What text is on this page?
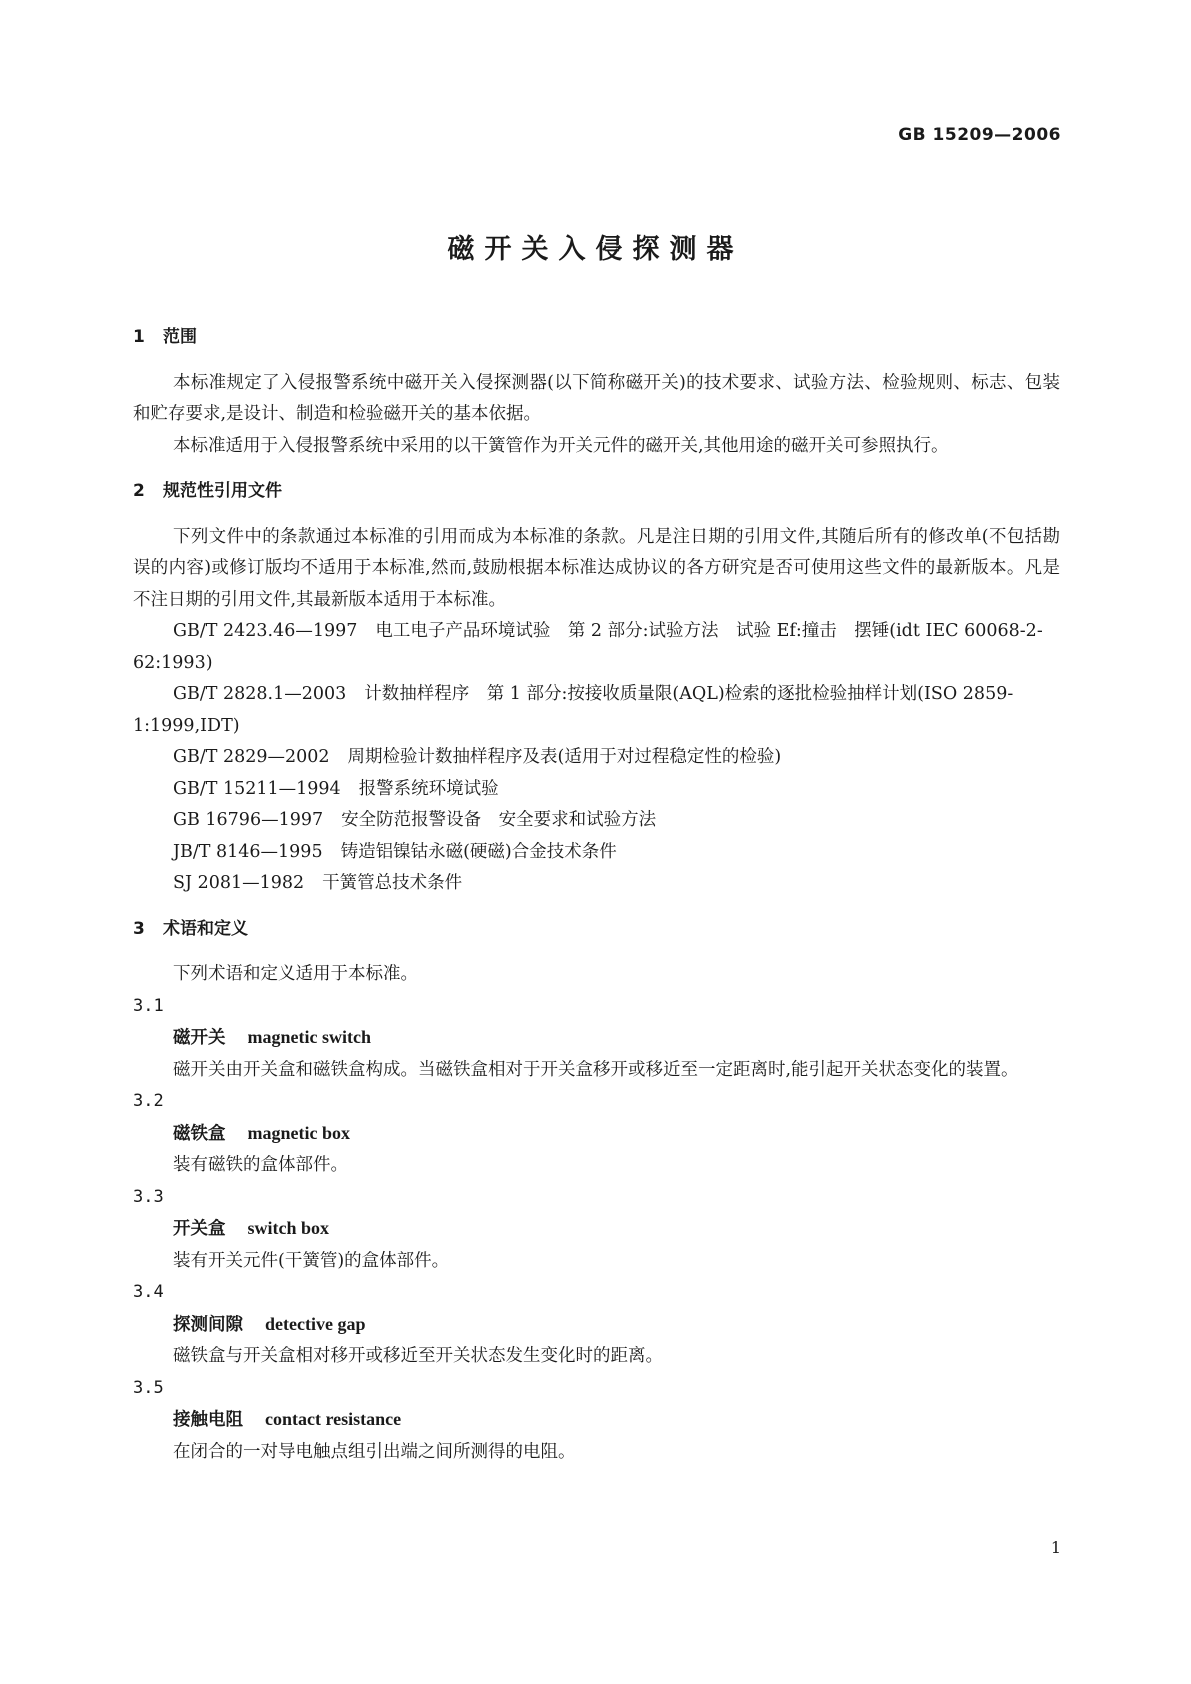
GB 15209—2006
磁开关入侵探测器
1 范围

本标准规定了入侵报警系统中磁开关入侵探测器(以下简称磁开关)的技术要求、试验方法、检验规则、标志、包装和贮存要求,是设计、制造和检验磁开关的基本依据。

本标准适用于入侵报警系统中采用的以干簧管作为开关元件的磁开关,其他用途的磁开关可参照执行。

2 规范性引用文件

下列文件中的条款通过本标准的引用而成为本标准的条款。凡是注日期的引用文件,其随后所有的修改单(不包括勘误的内容)或修订版均不适用于本标准,然而,鼓励根据本标准达成协议的各方研究是否可使用这些文件的最新版本。凡是不注日期的引用文件,其最新版本适用于本标准。

GB/T 2423.46—1997 电工电子产品环境试验　第 2 部分:试验方法　试验 Ef:撞击　摆锤(idt IEC 60068-2-62:1993)

GB/T 2828.1—2003 计数抽样程序　第 1 部分:按接收质量限(AQL)检索的逐批检验抽样计划(ISO 2859-1:1999,IDT)

GB/T 2829—2002 周期检验计数抽样程序及表(适用于对过程稳定性的检验)

GB/T 15211—1994 报警系统环境试验

GB 16796—1997 安全防范报警设备　安全要求和试验方法

JB/T 8146—1995 铸造铝镍钴永磁(硬磁)合金技术条件

SJ 2081—1982 干簧管总技术条件

3 术语和定义

下列术语和定义适用于本标准。

3.1

磁开关 magnetic switch

磁开关由开关盒和磁铁盒构成。当磁铁盒相对于开关盒移开或移近至一定距离时,能引起开关状态变化的装置。

3.2

磁铁盒 magnetic box

装有磁铁的盒体部件。

3.3

开关盒 switch box

装有开关元件(干簧管)的盒体部件。

3.4

探测间隙 detective gap

磁铁盒与开关盒相对移开或移近至开关状态发生变化时的距离。

3.5

接触电阻 contact resistance

在闭合的一对导电触点组引出端之间所测得的电阻。

1
